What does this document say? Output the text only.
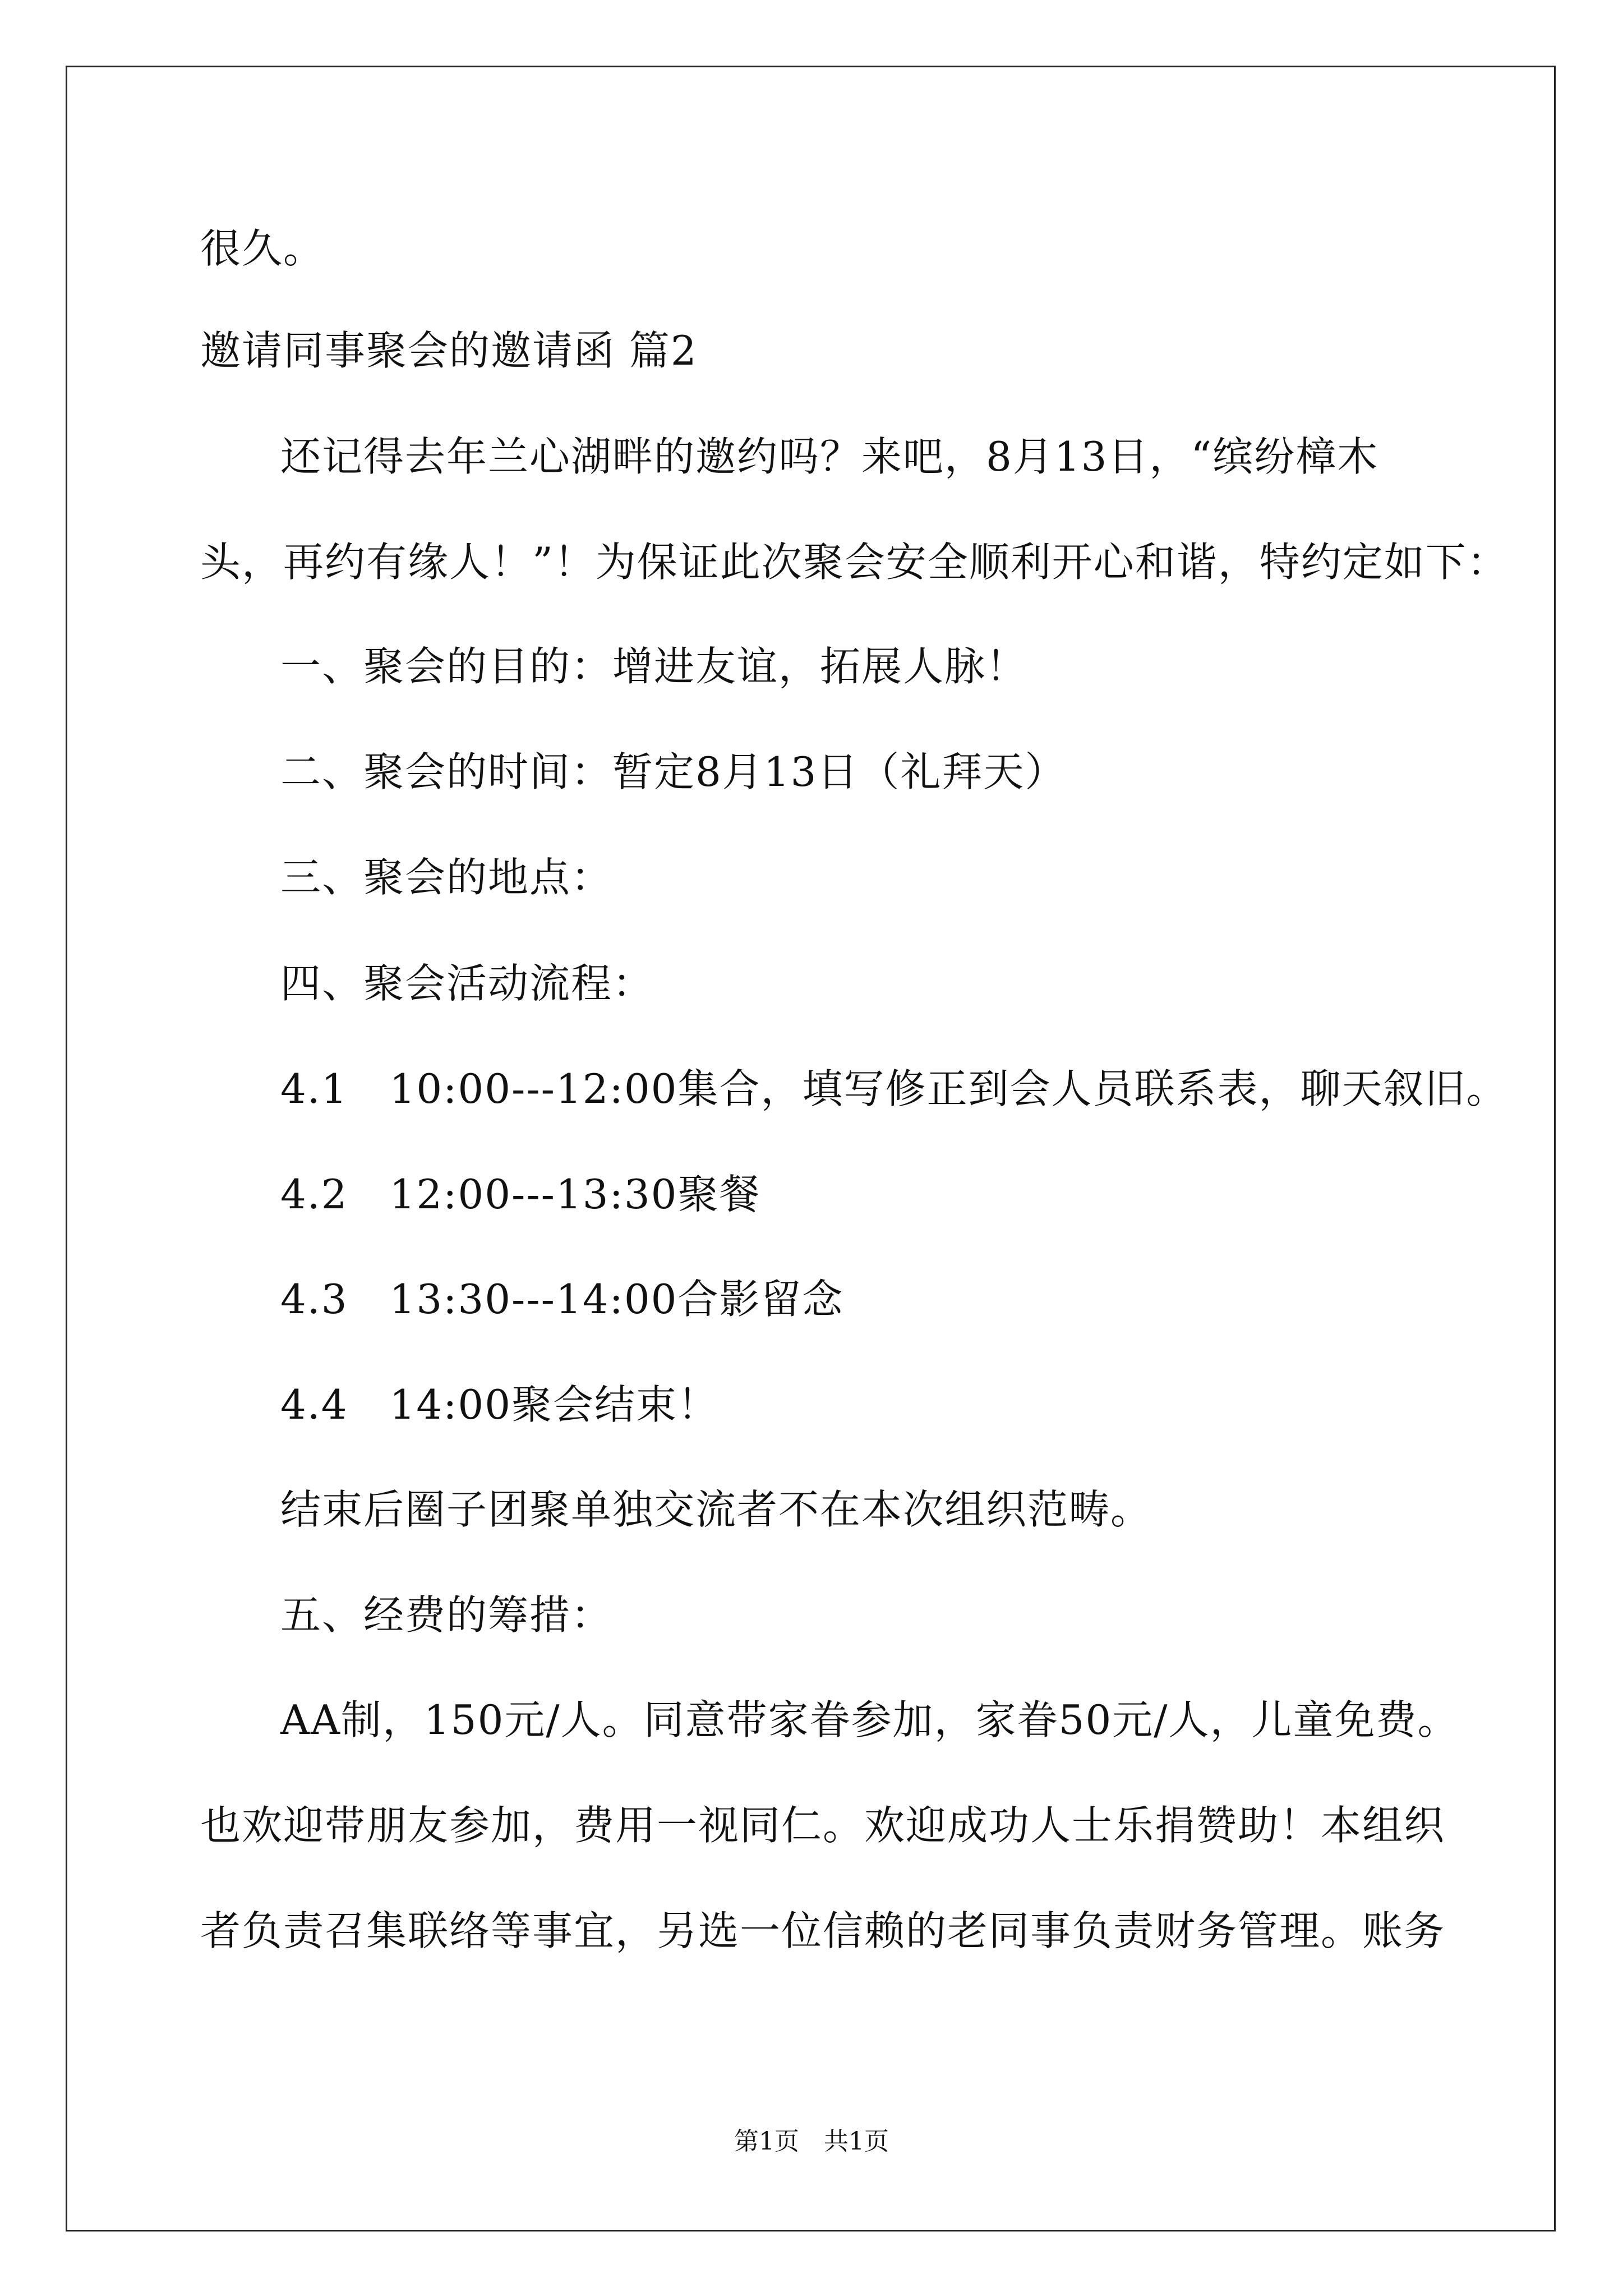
很久。
邀请同事聚会的邀请函 篇2
还记得去年兰心湖畔的邀约吗？来吧，8月13日，“缤纷樟木
头，再约有缘人！”！为保证此次聚会安全顺利开心和谐，特约定如下：
一、聚会的目的：增进友谊，拓展人脉！
二、聚会的时间：暂定8月13日（礼拜天）
三、聚会的地点：
四、聚会活动流程：
4.1　10:00---12:00集合，填写修正到会人员联系表，聊天叙旧。
4.2　12:00---13:30聚餐
4.3　13:30---14:00合影留念
4.4　14:00聚会结束！
结束后圈子团聚单独交流者不在本次组织范畴。
五、经费的筹措：
AA制，150元/人。同意带家眷参加，家眷50元/人，儿童免费。
也欢迎带朋友参加，费用一视同仁。欢迎成功人士乐捐赞助！本组织
者负责召集联络等事宜，另选一位信赖的老同事负责财务管理。账务
第1页　共1页
